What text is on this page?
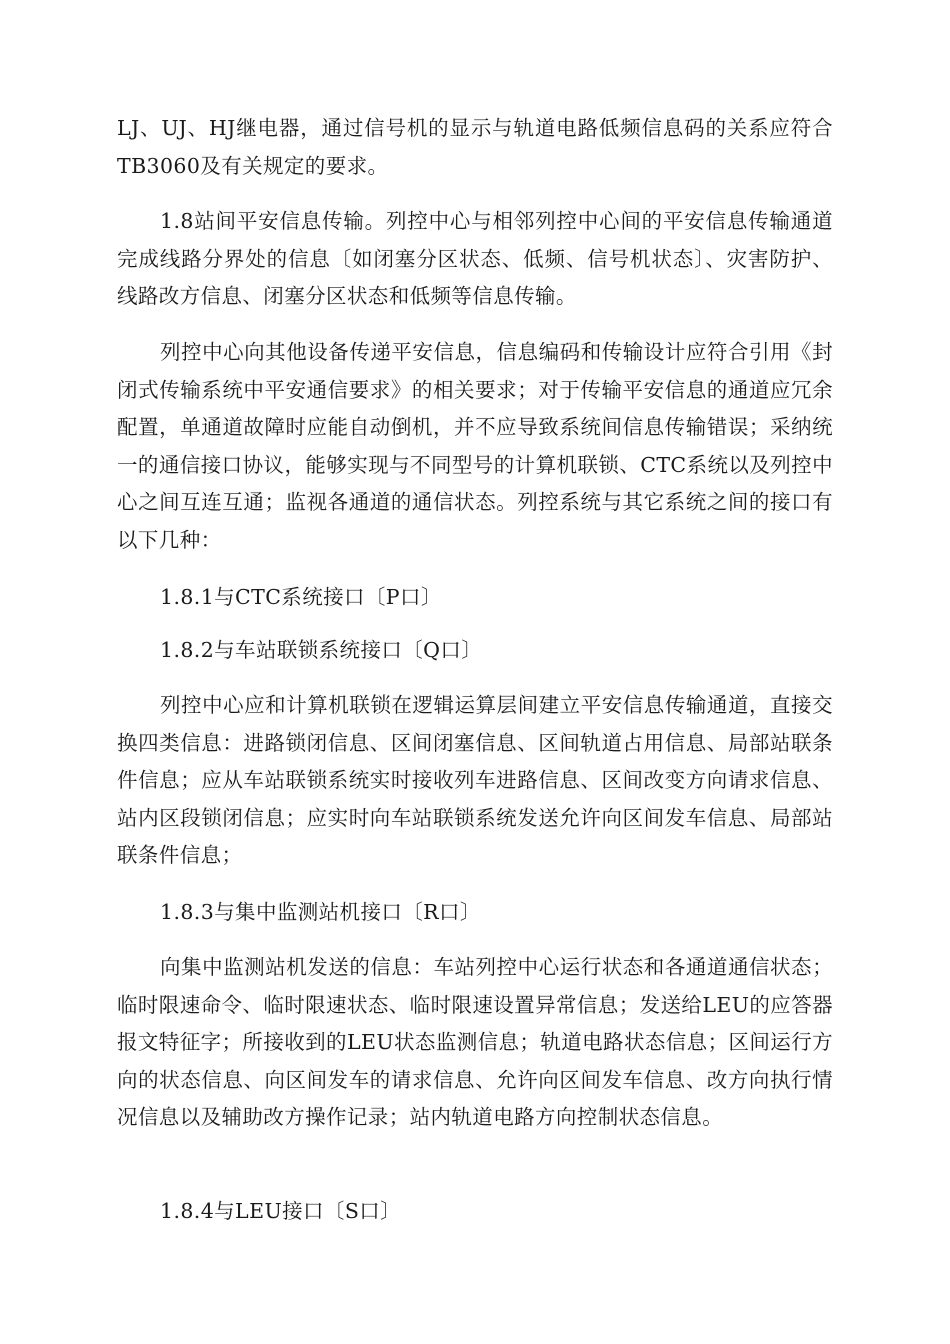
LJ、UJ、HJ继电器，通过信号机的显示与轨道电路低频信息码的关系应符合TB3060及有关规定的要求。

1.8站间平安信息传输。列控中心与相邻列控中心间的平安信息传输通道完成线路分界处的信息〔如闭塞分区状态、低频、信号机状态〕、灾害防护、线路改方信息、闭塞分区状态和低频等信息传输。

列控中心向其他设备传递平安信息，信息编码和传输设计应符合引用《封闭式传输系统中平安通信要求》的相关要求；对于传输平安信息的通道应冗余配置，单通道故障时应能自动倒机，并不应导致系统间信息传输错误；采纳统一的通信接口协议，能够实现与不同型号的计算机联锁、CTC系统以及列控中心之间互连互通；监视各通道的通信状态。列控系统与其它系统之间的接口有以下几种：

1.8.1与CTC系统接口〔P口〕

1.8.2与车站联锁系统接口〔Q口〕

列控中心应和计算机联锁在逻辑运算层间建立平安信息传输通道，直接交换四类信息：进路锁闭信息、区间闭塞信息、区间轨道占用信息、局部站联条件信息；应从车站联锁系统实时接收列车进路信息、区间改变方向请求信息、站内区段锁闭信息；应实时向车站联锁系统发送允许向区间发车信息、局部站联条件信息；

1.8.3与集中监测站机接口〔R口〕

向集中监测站机发送的信息：车站列控中心运行状态和各通道通信状态；临时限速命令、临时限速状态、临时限速设置异常信息；发送给LEU的应答器报文特征字；所接收到的LEU状态监测信息；轨道电路状态信息；区间运行方向的状态信息、向区间发车的请求信息、允许向区间发车信息、改方向执行情况信息以及辅助改方操作记录；站内轨道电路方向控制状态信息。

1.8.4与LEU接口〔S口〕
